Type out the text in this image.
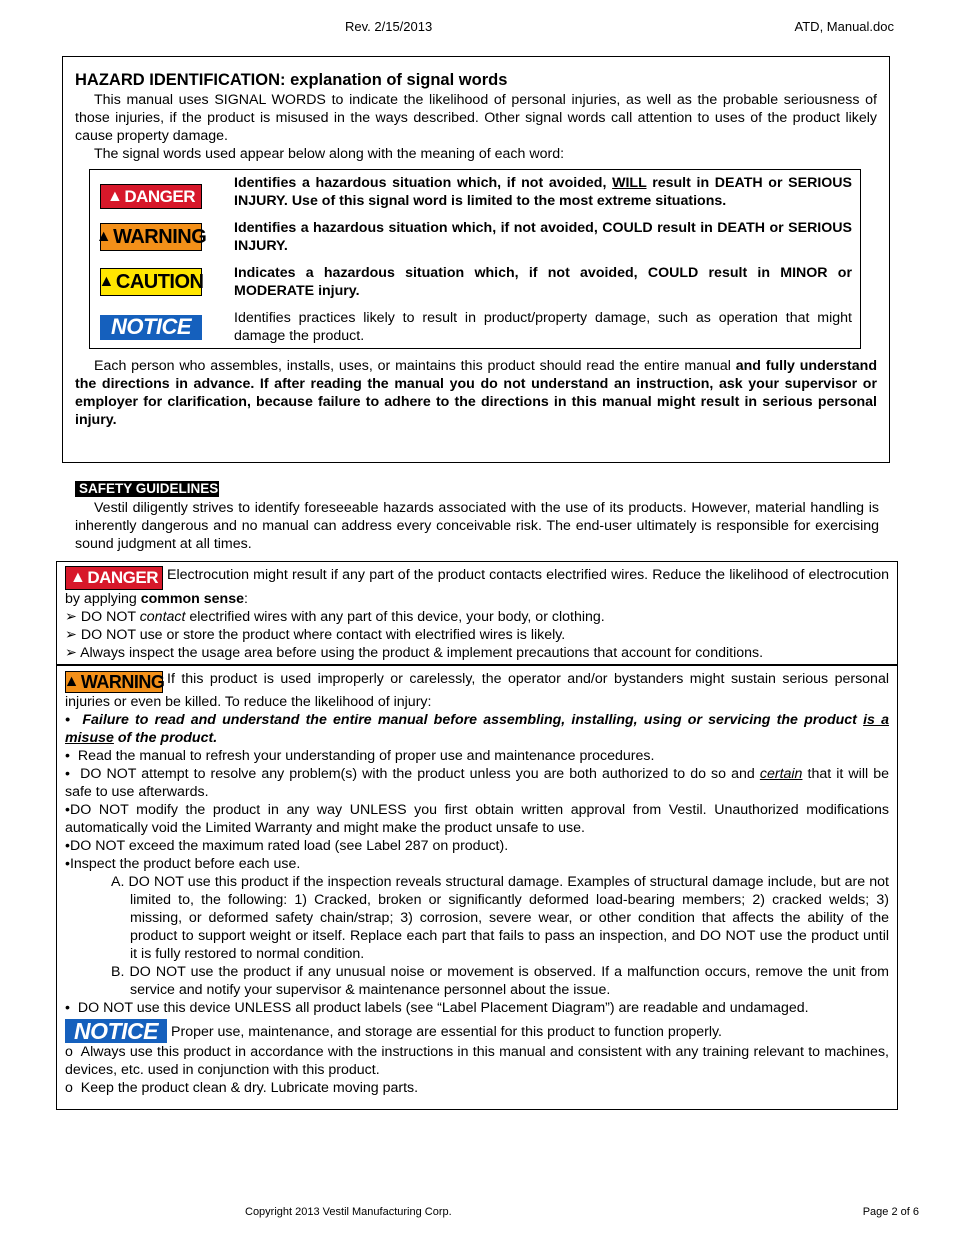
Rev. 2/15/2013	ATD, Manual.doc

HAZARD IDENTIFICATION: explanation of signal words

This manual uses SIGNAL WORDS to indicate the likelihood of personal injuries, as well as the probable seriousness of those injuries, if the product is misused in the ways described. Other signal words call attention to uses of the product likely cause property damage.

The signal words used appear below along with the meaning of each word:

▲ DANGER
Identifies a hazardous situation which, if not avoided, WILL result in DEATH or SERIOUS INJURY. Use of this signal word is limited to the most extreme situations.
▲ WARNING Identifies a hazardous situation which, if not avoided, COULD result in DEATH or SERIOUS INJURY.
▲ CAUTION Indicates a hazardous situation which, if not avoided, COULD result in MINOR or MODERATE injury.
NOTICE	Identifies practices likely to result in product/property damage, such as operation that might damage the product.

Each person who assembles, installs, uses, or maintains this product should read the entire manual and fully understand the directions in advance. If after reading the manual you do not understand an instruction, ask your supervisor or employer for clarification, because failure to adhere to the directions in this manual might result in serious personal injury.

SAFETY GUIDELINES

Vestil diligently strives to identify foreseeable hazards associated with the use of its products. However, material handling is inherently dangerous and no manual can address every conceivable risk. The end-user ultimately is responsible for exercising sound judgment at all times.

▲ DANGER Electrocution might result if any part of the product contacts electrified wires. Reduce the likelihood of electrocution by applying common sense:
➢ DO NOT contact electrified wires with any part of this device, your body, or clothing.
➢ DO NOT use or store the product where contact with electrified wires is likely.
➢ Always inspect the usage area before using the product & implement precautions that account for conditions.
▲ WARNING If this product is used improperly or carelessly, the operator and/or bystanders might sustain serious personal injuries or even be killed. To reduce the likelihood of injury:
• Failure to read and understand the entire manual before assembling, installing, using or servicing the product is a misuse of the product.
• Read the manual to refresh your understanding of proper use and maintenance procedures.
• DO NOT attempt to resolve any problem(s) with the product unless you are both authorized to do so and certain that it will be safe to use afterwards.
•DO NOT modify the product in any way UNLESS you first obtain written approval from Vestil. Unauthorized modifications automatically void the Limited Warranty and might make the product unsafe to use.
•DO NOT exceed the maximum rated load (see Label 287 on product).
•Inspect the product before each use.
A. DO NOT use this product if the inspection reveals structural damage. Examples of structural damage include, but are not limited to, the following: 1) Cracked, broken or significantly deformed load-bearing members; 2) cracked welds; 3) missing, or deformed safety chain/strap; 3) corrosion, severe wear, or other condition that affects the ability of the product to support weight or itself. Replace each part that fails to pass an inspection, and DO NOT use the product until it is fully restored to normal condition.
B. DO NOT use the product if any unusual noise or movement is observed. If a malfunction occurs, remove the unit from service and notify your supervisor & maintenance personnel about the issue.
• DO NOT use this device UNLESS all product labels (see “Label Placement Diagram”) are readable and undamaged.
NOTICE Proper use, maintenance, and storage are essential for this product to function properly.
o Always use this product in accordance with the instructions in this manual and consistent with any training relevant to machines, devices, etc. used in conjunction with this product.
o Keep the product clean & dry. Lubricate moving parts.
Copyright 2013 Vestil Manufacturing Corp.	Page 2 of 6
